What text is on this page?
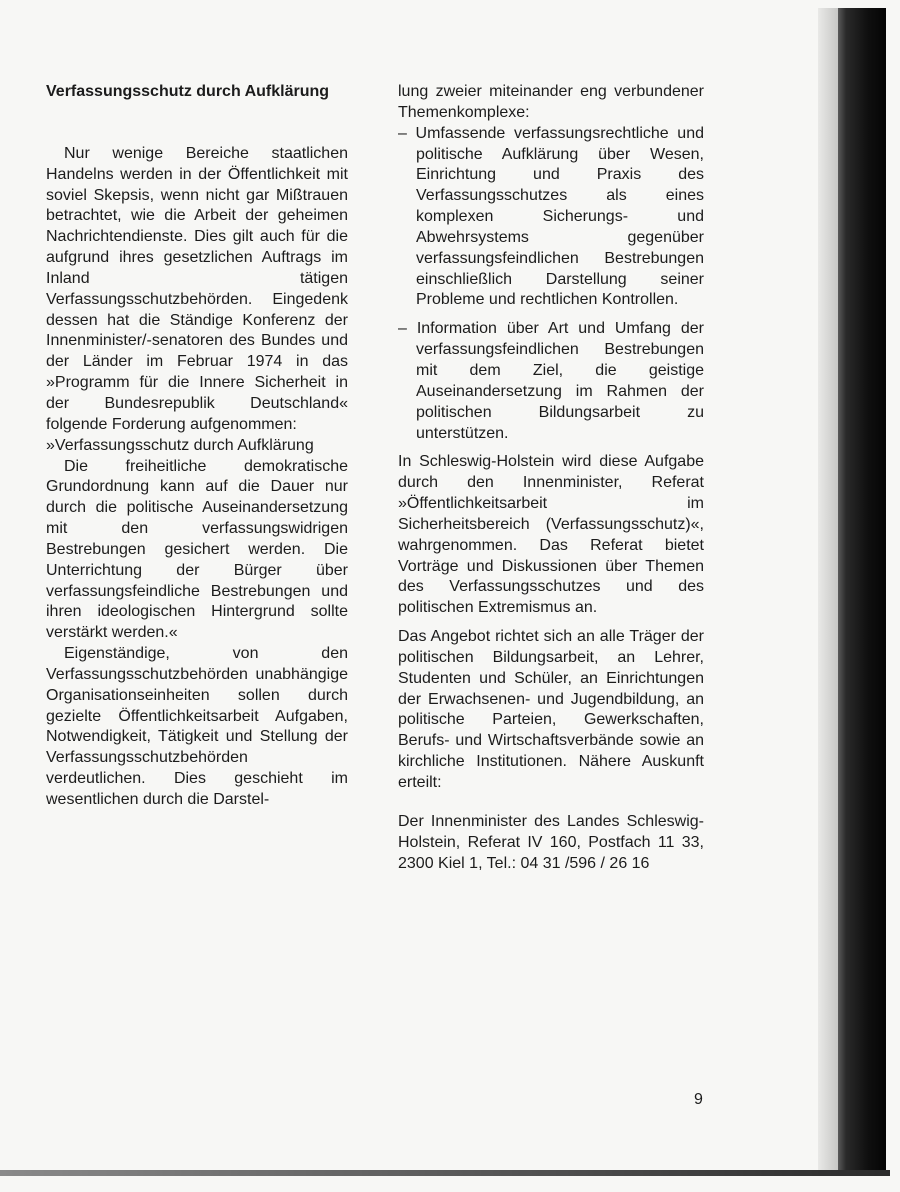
Verfassungsschutz durch Aufklärung

Nur wenige Bereiche staatlichen Handelns werden in der Öffentlichkeit mit soviel Skepsis, wenn nicht gar Mißtrauen betrachtet, wie die Arbeit der geheimen Nachrichtendienste. Dies gilt auch für die aufgrund ihres gesetzlichen Auftrags im Inland tätigen Verfassungsschutzbehörden. Eingedenk dessen hat die Ständige Konferenz der Innenminister/-senatoren des Bundes und der Länder im Februar 1974 in das »Programm für die Innere Sicherheit in der Bundesrepublik Deutschland« folgende Forderung aufgenommen:

»Verfassungsschutz durch Aufklärung

Die freiheitliche demokratische Grundordnung kann auf die Dauer nur durch die politische Auseinandersetzung mit den verfassungswidrigen Bestrebungen gesichert werden. Die Unterrichtung der Bürger über verfassungsfeindliche Bestrebungen und ihren ideologischen Hintergrund sollte verstärkt werden.«

Eigenständige, von den Verfassungsschutzbehörden unabhängige Organisationseinheiten sollen durch gezielte Öffentlichkeitsarbeit Aufgaben, Notwendigkeit, Tätigkeit und Stellung der Verfassungsschutzbehörden verdeutlichen. Dies geschieht im wesentlichen durch die Darstel-

lung zweier miteinander eng verbundener Themenkomplexe:

– Umfassende verfassungsrechtliche und politische Aufklärung über Wesen, Einrichtung und Praxis des Verfassungsschutzes als eines komplexen Sicherungs- und Abwehrsystems gegenüber verfassungsfeindlichen Bestrebungen einschließlich Darstellung seiner Probleme und rechtlichen Kontrollen.

– Information über Art und Umfang der verfassungsfeindlichen Bestrebungen mit dem Ziel, die geistige Auseinandersetzung im Rahmen der politischen Bildungsarbeit zu unterstützen.

In Schleswig-Holstein wird diese Aufgabe durch den Innenminister, Referat »Öffentlichkeitsarbeit im Sicherheitsbereich (Verfassungsschutz)«, wahrgenommen. Das Referat bietet Vorträge und Diskussionen über Themen des Verfassungsschutzes und des politischen Extremismus an.

Das Angebot richtet sich an alle Träger der politischen Bildungsarbeit, an Lehrer, Studenten und Schüler, an Einrichtungen der Erwachsenen- und Jugendbildung, an politische Parteien, Gewerkschaften, Berufs- und Wirtschaftsverbände sowie an kirchliche Institutionen. Nähere Auskunft erteilt:

Der Innenminister des Landes Schleswig-Holstein, Referat IV 160, Postfach 11 33, 2300 Kiel 1, Tel.: 04 31 /596 / 26 16

9
